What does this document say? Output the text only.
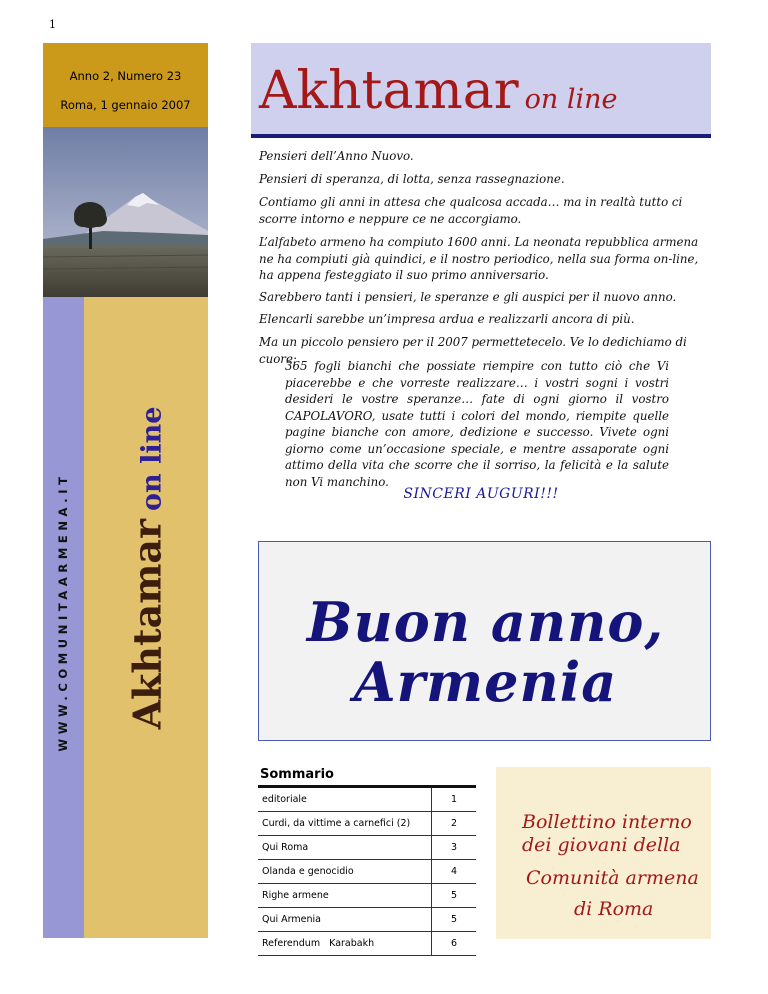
1
Anno 2, Numero 23
Roma, 1 gennaio 2007
WWW.COMUNITAARMENA.IT Akhtamaron line
Akhtamar on line

Pensieri dell’Anno Nuovo.

Pensieri di speranza, di lotta, senza rassegnazione.

Contiamo gli anni in attesa che qualcosa accada… ma in realtà tutto ci scorre intorno e neppure ce ne accorgiamo.

L’alfabeto armeno ha compiuto 1600 anni. La neonata repubblica armena ne ha compiuti già quindici, e il nostro periodico, nella sua forma on-line, ha appena festeggiato il suo primo anniversario.

Sarebbero tanti i pensieri, le speranze e gli auspici per il nuovo anno.

Elencarli sarebbe un’impresa ardua e realizzarli ancora di più.

Ma un piccolo pensiero per il 2007 permettetecelo. Ve lo dedichiamo di cuore:

365 fogli bianchi che possiate riempire con tutto ciò che Vi piacerebbe e che vorreste realizzare… i vostri sogni i vostri desideri le vostre speranze… fate di ogni giorno il vostro CAPOLAVORO, usate tutti i colori del mondo, riempite quelle pagine bianche con amore, dedizione e successo. Vivete ogni giorno come un’occasione speciale, e mentre assaporate ogni attimo della vita che scorre che il sorriso, la felicità e la salute non Vi manchino.

SINCERI AUGURI!!!
Buon anno,
Armenia
Sommario
editoriale	1
Curdi, da vittime a carnefici (2)	2
Qui Roma	3
Olanda e genocidio	4
Righe armene	5
Qui Armenia	5
Referendum   Karabakh	6
Bollettino interno
dei giovani della
Comunità armena
di Roma
